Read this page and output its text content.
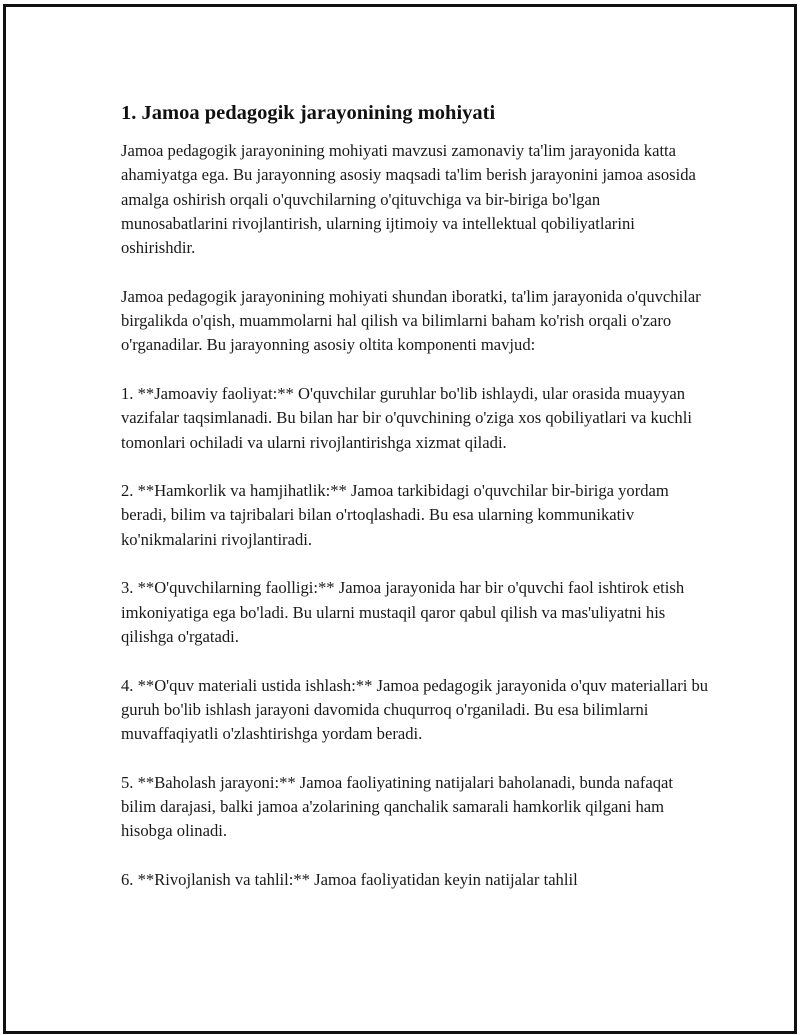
1. Jamoa pedagogik jarayonining mohiyati

Jamoa pedagogik jarayonining mohiyati mavzusi zamonaviy ta'lim jarayonida katta ahamiyatga ega. Bu jarayonning asosiy maqsadi ta'lim berish jarayonini jamoa asosida amalga oshirish orqali o'quvchilarning o'qituvchiga va bir-biriga bo'lgan munosabatlarini rivojlantirish, ularning ijtimoiy va intellektual qobiliyatlarini oshirishdir.

Jamoa pedagogik jarayonining mohiyati shundan iboratki, ta'lim jarayonida o'quvchilar birgalikda o'qish, muammolarni hal qilish va bilimlarni baham ko'rish orqali o'zaro o'rganadilar. Bu jarayonning asosiy oltita komponenti mavjud:

1. **Jamoaviy faoliyat:** O'quvchilar guruhlar bo'lib ishlaydi, ular orasida muayyan vazifalar taqsimlanadi. Bu bilan har bir o'quvchining o'ziga xos qobiliyatlari va kuchli tomonlari ochiladi va ularni rivojlantirishga xizmat qiladi.

2. **Hamkorlik va hamjihatlik:** Jamoa tarkibidagi o'quvchilar bir-biriga yordam beradi, bilim va tajribalari bilan o'rtoqlashadi. Bu esa ularning kommunikativ ko'nikmalarini rivojlantiradi.

3. **O'quvchilarning faolligi:** Jamoa jarayonida har bir o'quvchi faol ishtirok etish imkoniyatiga ega bo'ladi. Bu ularni mustaqil qaror qabul qilish va mas'uliyatni his qilishga o'rgatadi.

4. **O'quv materiali ustida ishlash:** Jamoa pedagogik jarayonida o'quv materiallari bu guruh bo'lib ishlash jarayoni davomida chuqurroq o'rganiladi. Bu esa bilimlarni muvaffaqiyatli o'zlashtirishga yordam beradi.

5. **Baholash jarayoni:** Jamoa faoliyatining natijalari baholanadi, bunda nafaqat bilim darajasi, balki jamoa a'zolarining qanchalik samarali hamkorlik qilgani ham hisobga olinadi.

6. **Rivojlanish va tahlil:** Jamoa faoliyatidan keyin natijalar tahlil
